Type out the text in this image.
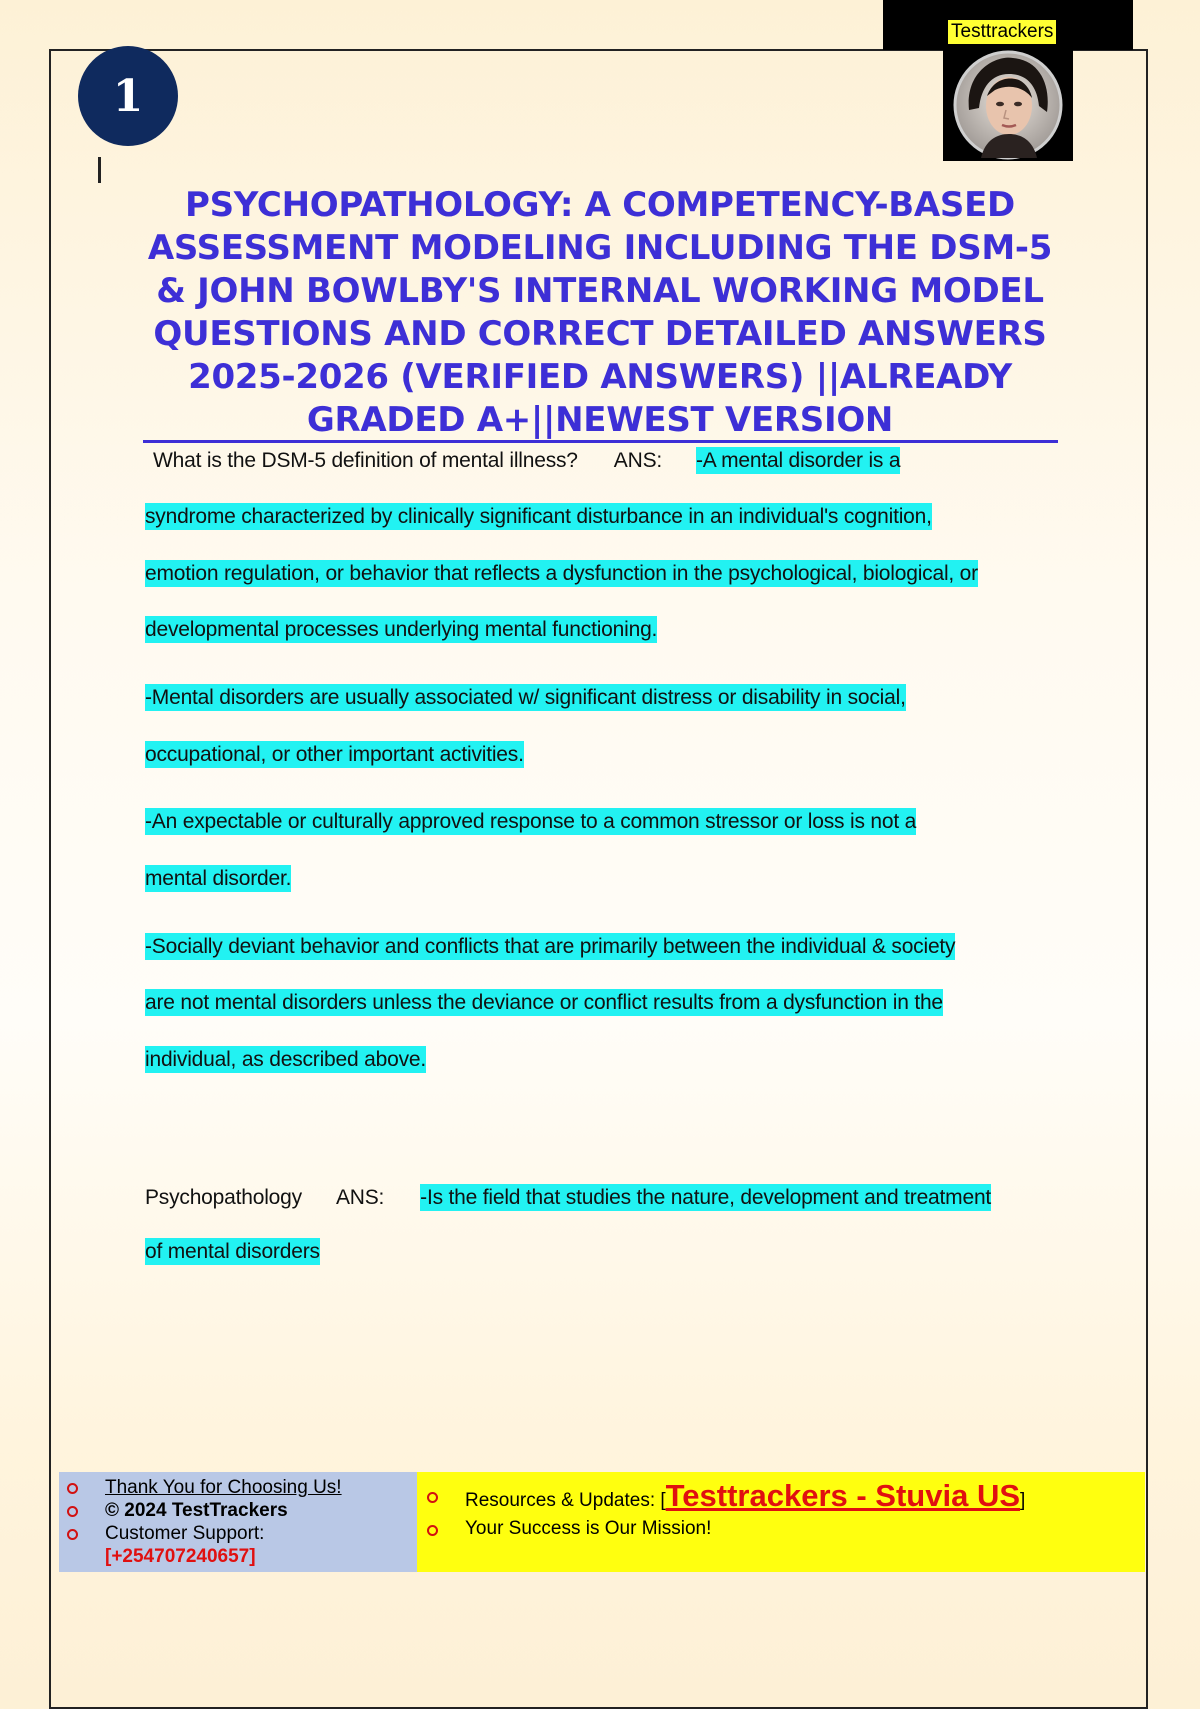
Testtrackers
1
PSYCHOPATHOLOGY: A COMPETENCY-BASED ASSESSMENT MODELING INCLUDING THE DSM-5 & JOHN BOWLBY'S INTERNAL WORKING MODEL QUESTIONS AND CORRECT DETAILED ANSWERS 2025-2026 (VERIFIED ANSWERS) ||ALREADY GRADED A+||NEWEST VERSION
What is the DSM-5 definition of mental illness? ANS: -A mental disorder is a
syndrome characterized by clinically significant disturbance in an individual's cognition,
emotion regulation, or behavior that reflects a dysfunction in the psychological, biological, or
developmental processes underlying mental functioning.
-Mental disorders are usually associated w/ significant distress or disability in social,
occupational, or other important activities.
-An expectable or culturally approved response to a common stressor or loss is not a
mental disorder.
-Socially deviant behavior and conflicts that are primarily between the individual & society
are not mental disorders unless the deviance or conflict results from a dysfunction in the
individual, as described above.
Psychopathology ANS: -Is the field that studies the nature, development and treatment
of mental disorders
Thank You for Choosing Us!
© 2024 TestTrackers
Customer Support:
[+254707240657]
Resources & Updates: [Testtrackers - Stuvia US]
Your Success is Our Mission!
